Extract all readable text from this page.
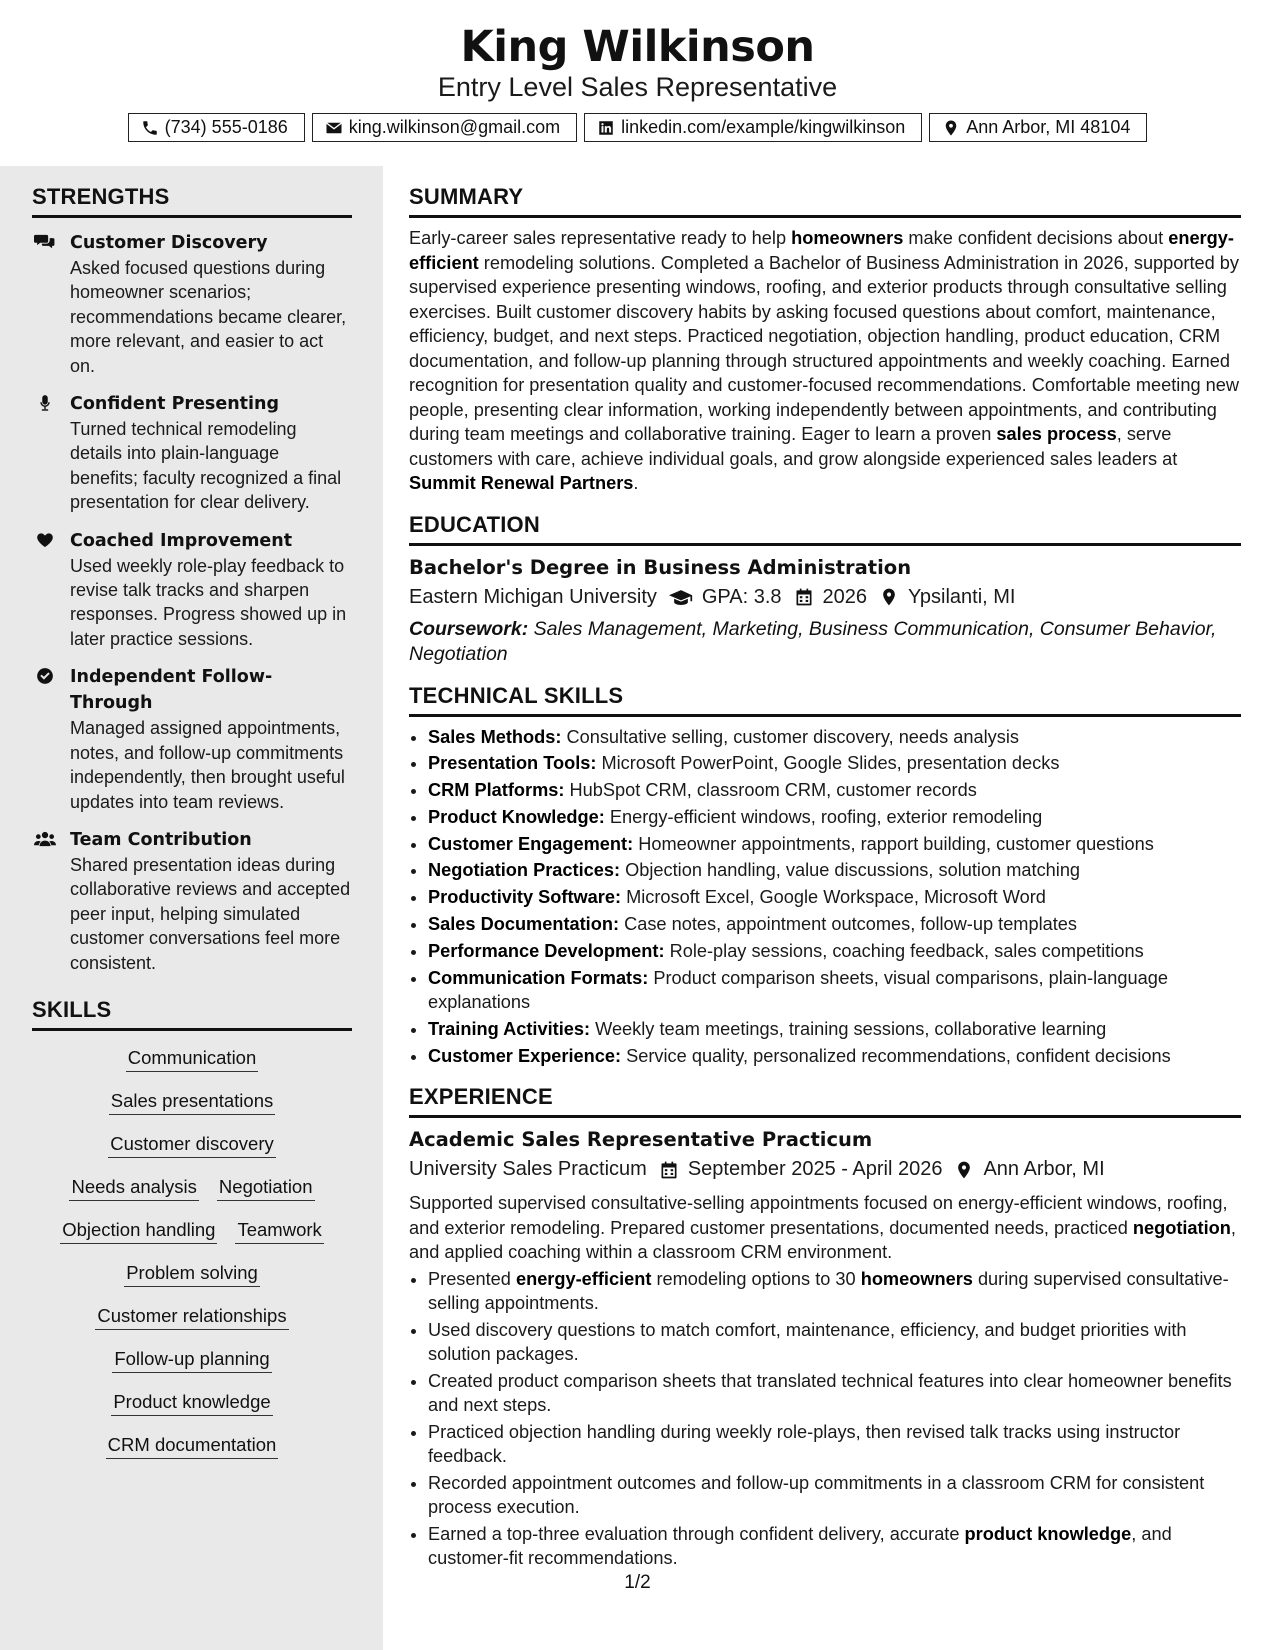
King Wilkinson
Entry Level Sales Representative
(734) 555-0186	king.wilkinson@gmail.com	linkedin.com/example/kingwilkinson	Ann Arbor, MI 48104
STRENGTHS
Customer Discovery
Asked focused questions during homeowner scenarios; recommendations became clearer, more relevant, and easier to act on.
Confident Presenting
Turned technical remodeling details into plain-language benefits; faculty recognized a final presentation for clear delivery.
Coached Improvement
Used weekly role-play feedback to revise talk tracks and sharpen responses. Progress showed up in later practice sessions.
Independent Follow-Through
Managed assigned appointments, notes, and follow-up commitments independently, then brought useful updates into team reviews.
Team Contribution
Shared presentation ideas during collaborative reviews and accepted peer input, helping simulated customer conversations feel more consistent.
SKILLS
Communication
Sales presentations
Customer discovery
Needs analysis Negotiation
Objection handling Teamwork
Problem solving
Customer relationships
Follow-up planning
Product knowledge
CRM documentation
SUMMARY

Early-career sales representative ready to help homeowners make confident decisions about energy-efficient remodeling solutions. Completed a Bachelor of Business Administration in 2026, supported by supervised experience presenting windows, roofing, and exterior products through consultative selling exercises. Built customer discovery habits by asking focused questions about comfort, maintenance, efficiency, budget, and next steps. Practiced negotiation, objection handling, product education, CRM documentation, and follow-up planning through structured appointments and weekly coaching. Earned recognition for presentation quality and customer-focused recommendations. Comfortable meeting new people, presenting clear information, working independently between appointments, and contributing during team meetings and collaborative training. Eager to learn a proven sales process, serve customers with care, achieve individual goals, and grow alongside experienced sales leaders at Summit Renewal Partners.

EDUCATION
Bachelor's Degree in Business Administration
Eastern Michigan University GPA: 3.8 2026 Ypsilanti, MI

Coursework: Sales Management, Marketing, Business Communication, Consumer Behavior, Negotiation

TECHNICAL SKILLS
• Sales Methods: Consultative selling, customer discovery, needs analysis
• Presentation Tools: Microsoft PowerPoint, Google Slides, presentation decks
• CRM Platforms: HubSpot CRM, classroom CRM, customer records
• Product Knowledge: Energy-efficient windows, roofing, exterior remodeling
• Customer Engagement: Homeowner appointments, rapport building, customer questions
• Negotiation Practices: Objection handling, value discussions, solution matching
• Productivity Software: Microsoft Excel, Google Workspace, Microsoft Word
• Sales Documentation: Case notes, appointment outcomes, follow-up templates
• Performance Development: Role-play sessions, coaching feedback, sales competitions
• Communication Formats: Product comparison sheets, visual comparisons, plain-language explanations
• Training Activities: Weekly team meetings, training sessions, collaborative learning
• Customer Experience: Service quality, personalized recommendations, confident decisions
EXPERIENCE
Academic Sales Representative Practicum
University Sales Practicum September 2025 - April 2026 Ann Arbor, MI

Supported supervised consultative-selling appointments focused on energy-efficient windows, roofing, and exterior remodeling. Prepared customer presentations, documented needs, practiced negotiation, and applied coaching within a classroom CRM environment.

• Presented energy-efficient remodeling options to 30 homeowners during supervised consultative-selling appointments.
• Used discovery questions to match comfort, maintenance, efficiency, and budget priorities with solution packages.
• Created product comparison sheets that translated technical features into clear homeowner benefits and next steps.
• Practiced objection handling during weekly role-plays, then revised talk tracks using instructor feedback.
• Recorded appointment outcomes and follow-up commitments in a classroom CRM for consistent process execution.
• Earned a top-three evaluation through confident delivery, accurate product knowledge, and customer-fit recommendations.
1/2
